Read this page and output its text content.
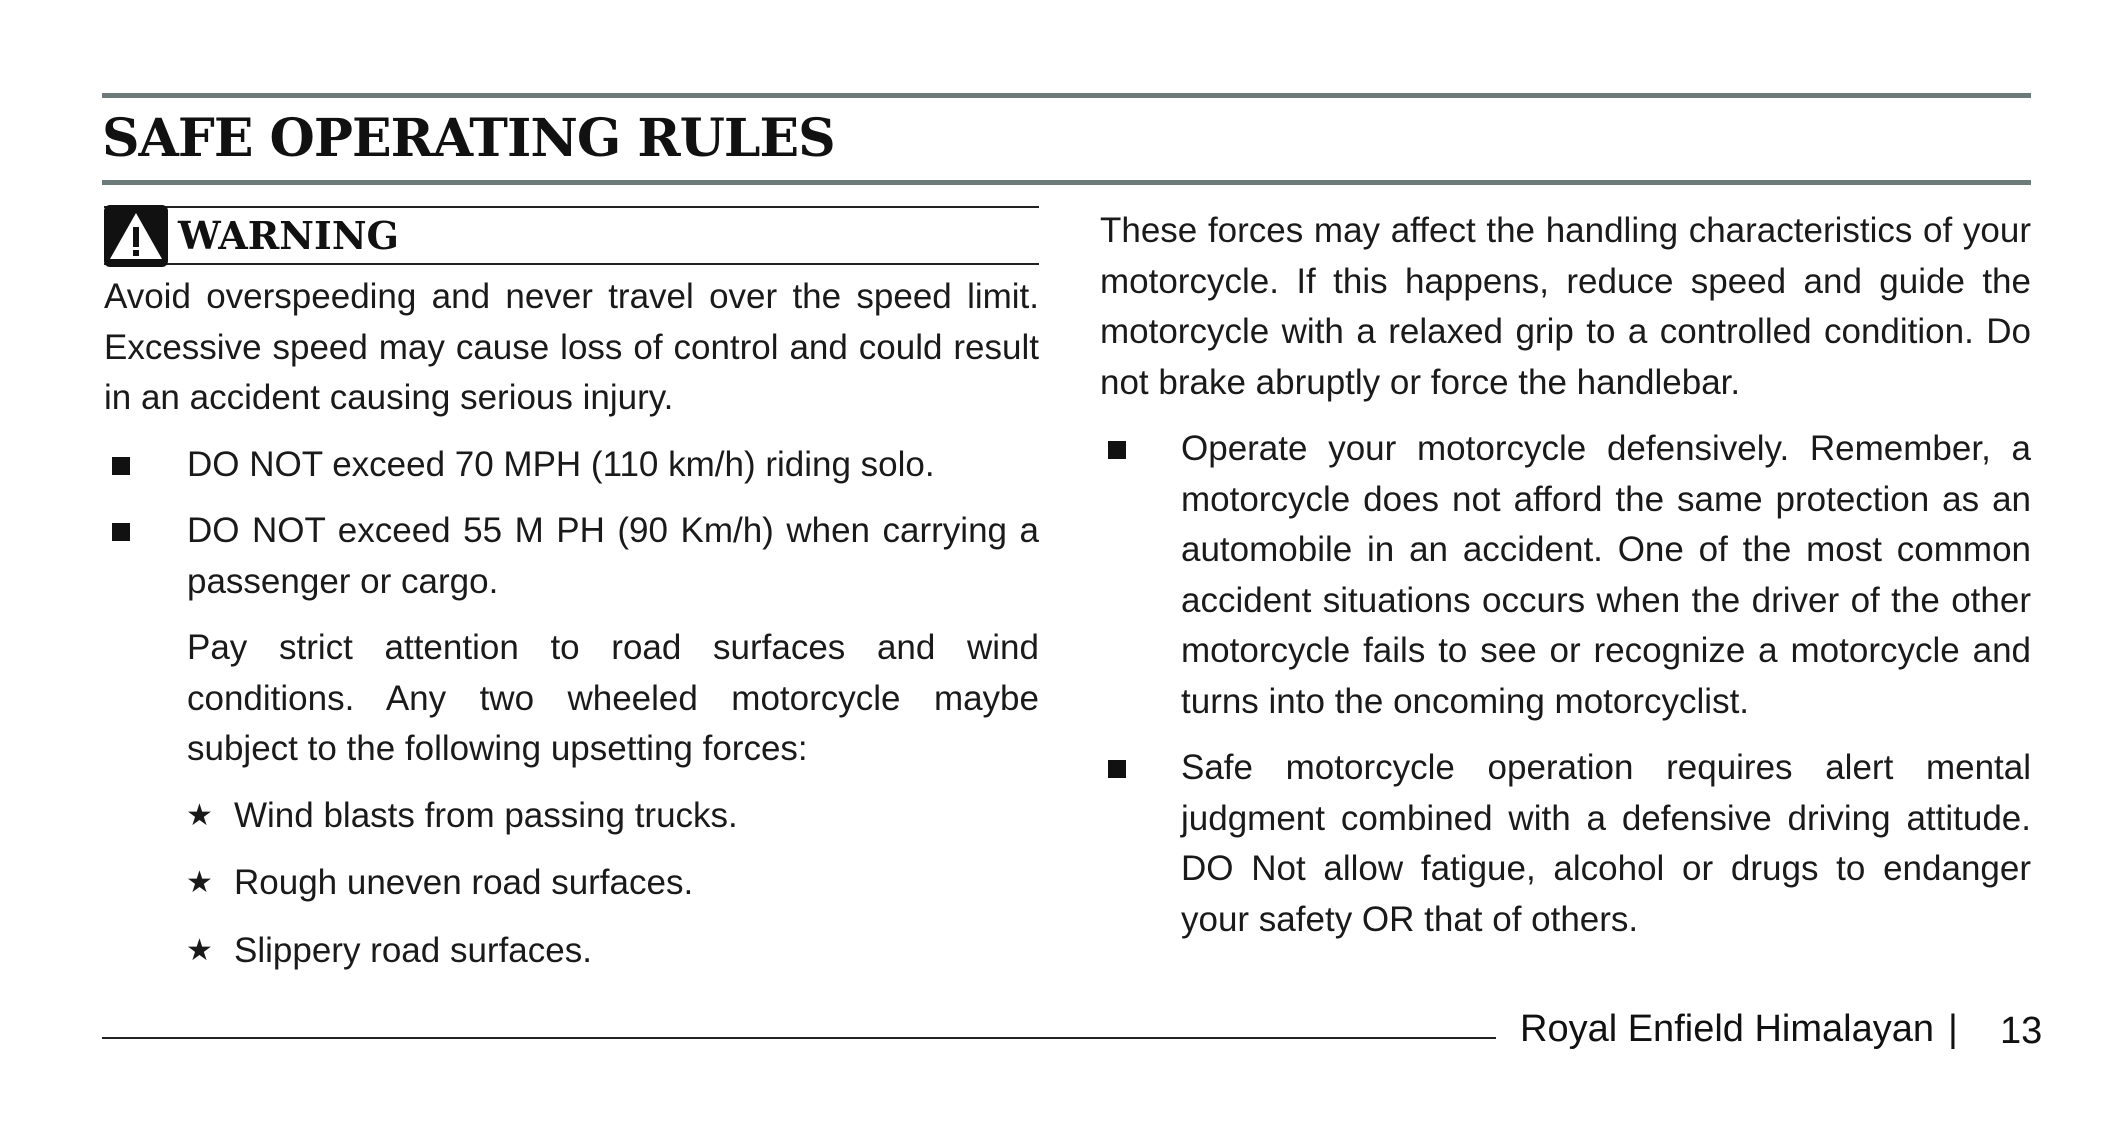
SAFE OPERATING RULES
WARNING

Avoid overspeeding and never travel over the speed limit. Excessive speed may cause loss of control and could result in an accident causing serious injury.

DO NOT exceed 70 MPH (110 km/h) riding solo.
DO NOT exceed 55 M PH (90 Km/h) when carrying a passenger or cargo.

Pay strict attention to road surfaces and wind conditions. Any two wheeled motorcycle maybe subject to the following upsetting forces:

★ Wind blasts from passing trucks.
★ Rough uneven road surfaces.
★ Slippery road surfaces.

These forces may affect the handling characteristics of your motorcycle. If this happens, reduce speed and guide the motorcycle with a relaxed grip to a controlled condition. Do not brake abruptly or force the handlebar.

Operate your motorcycle defensively. Remember, a motorcycle does not afford the same protection as an automobile in an accident. One of the most common accident situations occurs when the driver of the other motorcycle fails to see or recognize a motorcycle and turns into the oncoming motorcyclist.
Safe motorcycle operation requires alert mental judgment combined with a defensive driving attitude. DO Not allow fatigue, alcohol or drugs to endanger your safety OR that of others.
Royal Enfield Himalayan |	13
